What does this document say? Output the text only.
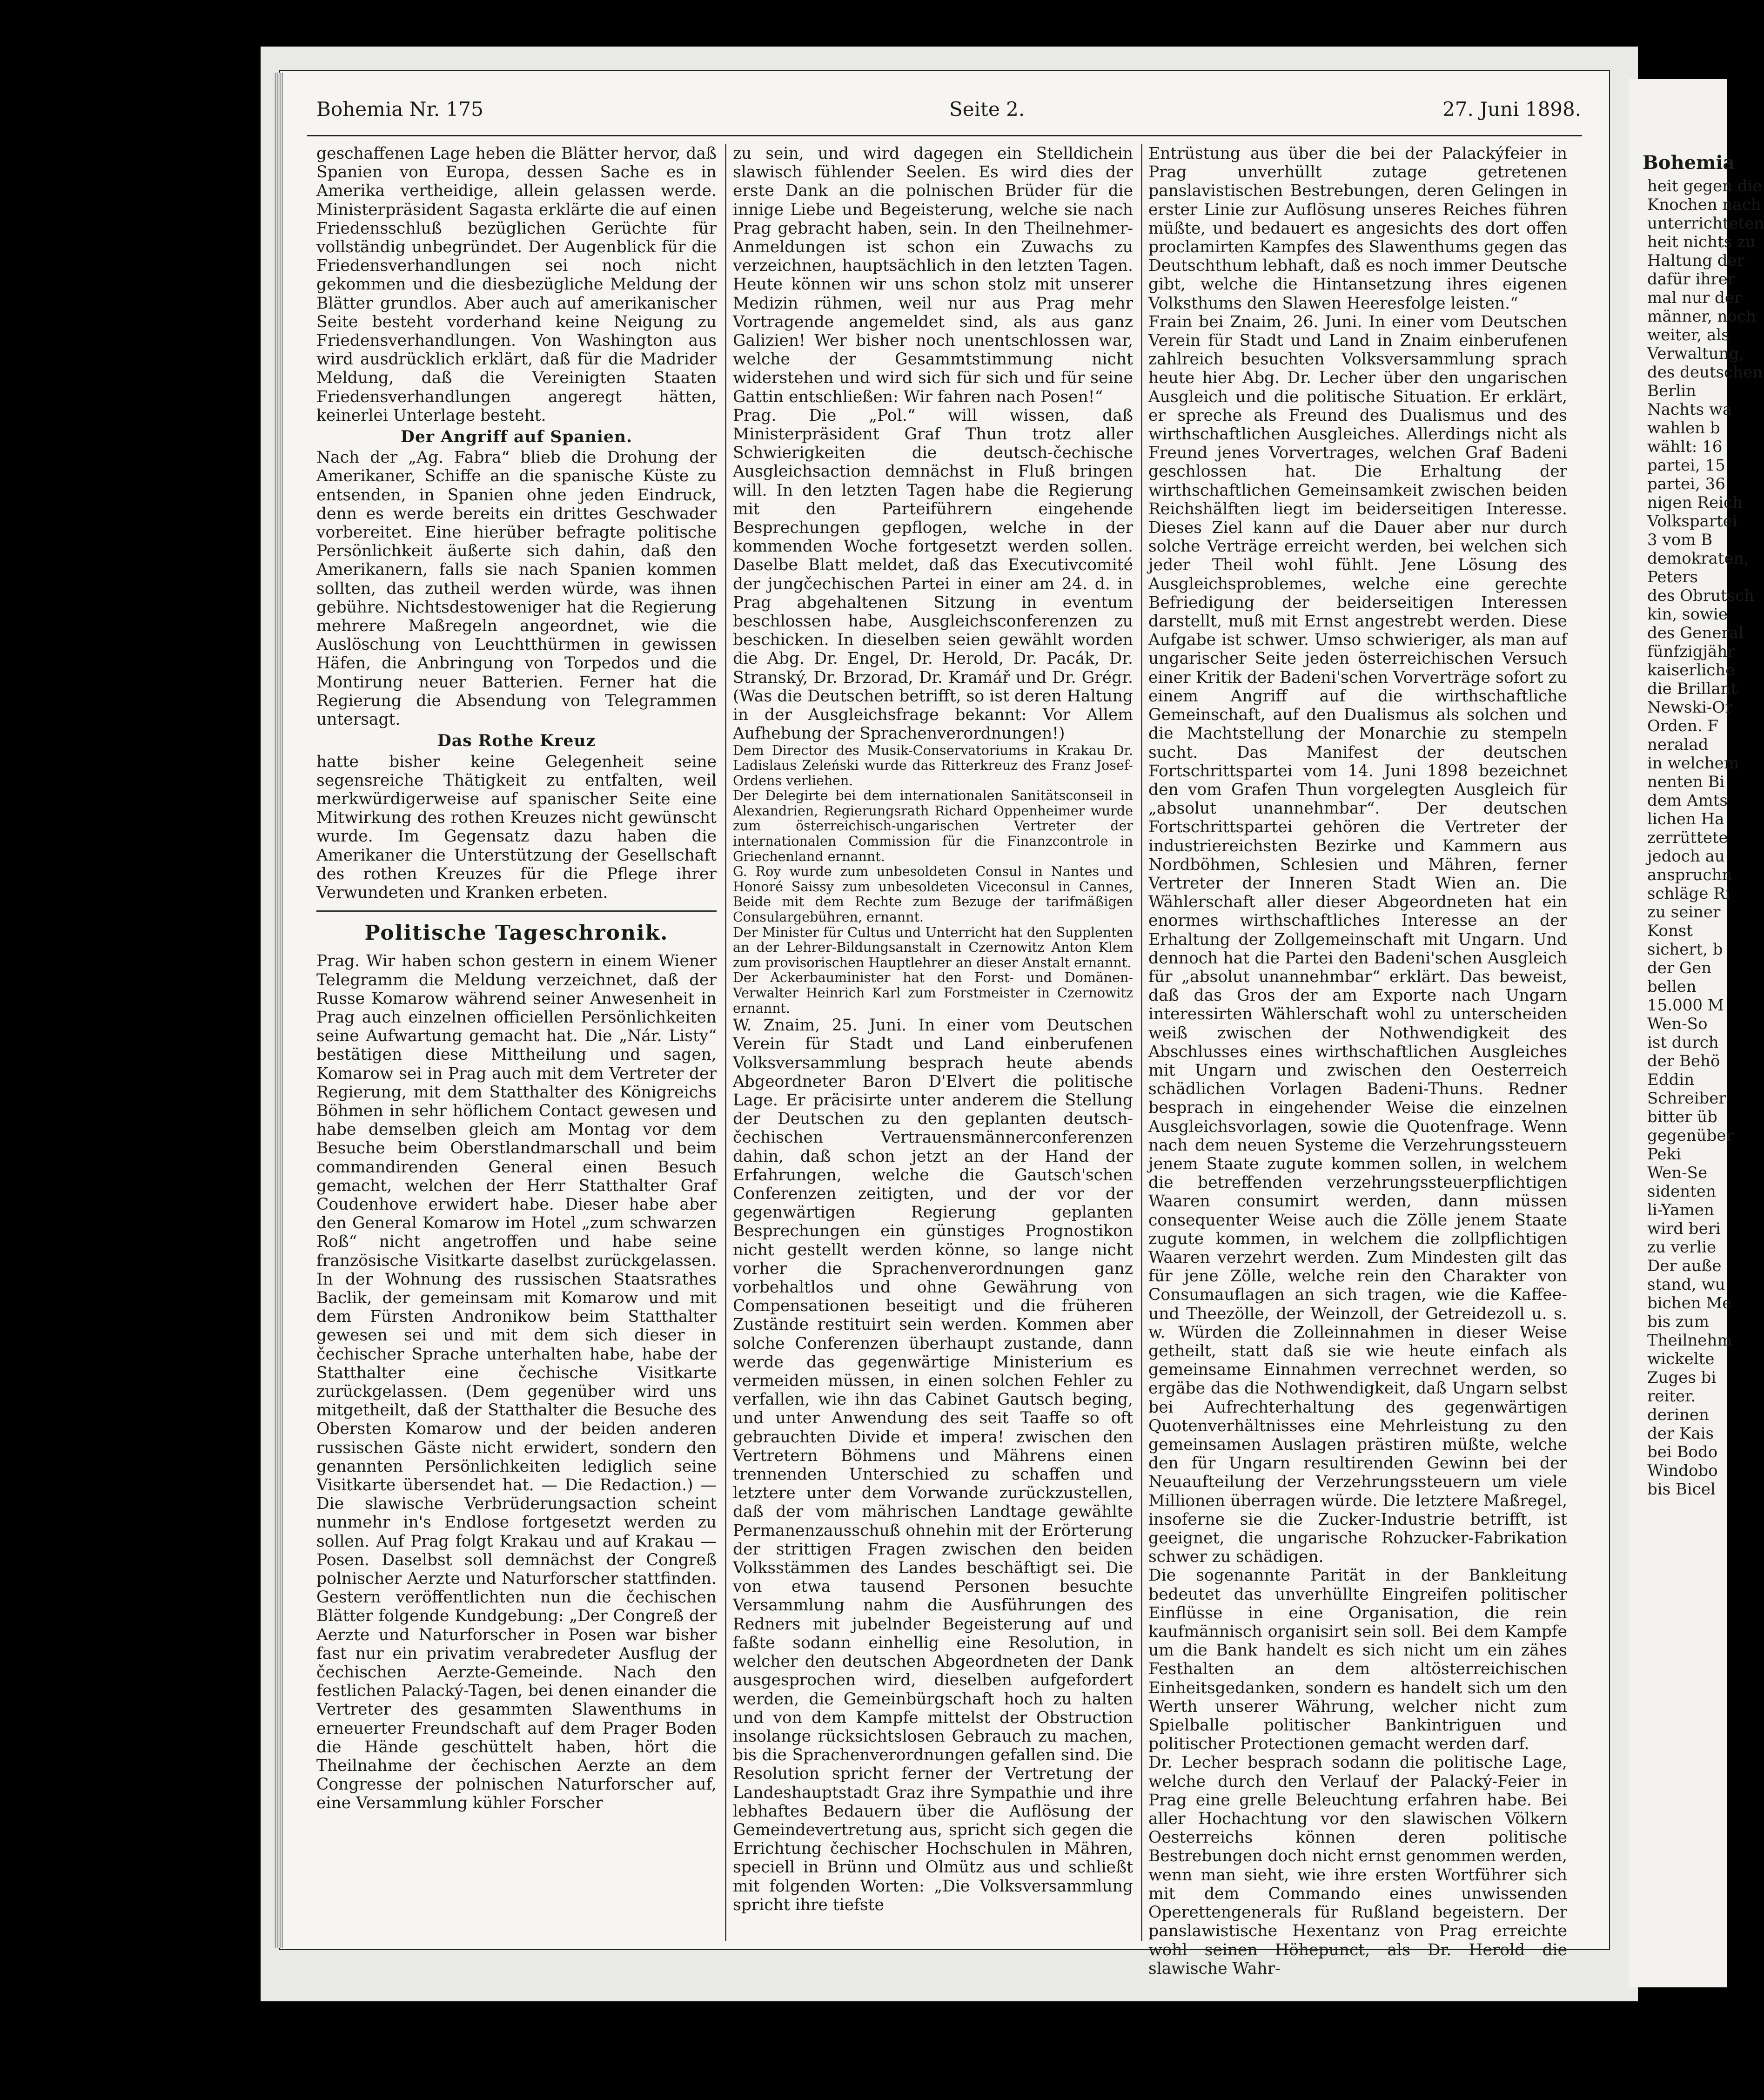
Bohemia Nr. 175	Seite 2.	27. Juni 1898.

geschaffenen Lage heben die Blätter hervor, daß Spanien von Europa, dessen Sache es in Amerika vertheidige, allein gelassen werde. Ministerpräsident Sagasta erklärte die auf einen Friedensschluß bezüglichen Gerüchte für vollständig unbegründet. Der Augenblick für die Friedensverhandlungen sei noch nicht gekommen und die diesbezügliche Meldung der Blätter grundlos. Aber auch auf amerikanischer Seite besteht vorderhand keine Neigung zu Friedensverhandlungen. Von Washington aus wird ausdrücklich erklärt, daß für die Madrider Meldung, daß die Vereinigten Staaten Friedensverhandlungen angeregt hätten, keinerlei Unterlage besteht.

Der Angriff auf Spanien.

Nach der „Ag. Fabra“ blieb die Drohung der Amerikaner, Schiffe an die spanische Küste zu entsenden, in Spanien ohne jeden Eindruck, denn es werde bereits ein drittes Geschwader vorbereitet. Eine hierüber befragte politische Persönlichkeit äußerte sich dahin, daß den Amerikanern, falls sie nach Spanien kommen sollten, das zutheil werden würde, was ihnen gebühre. Nichtsdestoweniger hat die Regierung mehrere Maßregeln angeordnet, wie die Auslöschung von Leuchtthürmen in gewissen Häfen, die Anbringung von Torpedos und die Montirung neuer Batterien. Ferner hat die Regierung die Absendung von Telegrammen untersagt.

Das Rothe Kreuz

hatte bisher keine Gelegenheit seine segensreiche Thätigkeit zu entfalten, weil merkwürdigerweise auf spanischer Seite eine Mitwirkung des rothen Kreuzes nicht gewünscht wurde. Im Gegensatz dazu haben die Amerikaner die Unterstützung der Gesellschaft des rothen Kreuzes für die Pflege ihrer Verwundeten und Kranken erbeten.

Politische Tageschronik.

Prag. Wir haben schon gestern in einem Wiener Telegramm die Meldung verzeichnet, daß der Russe Komarow während seiner Anwesenheit in Prag auch einzelnen officiellen Persönlichkeiten seine Aufwartung gemacht hat. Die „Nár. Listy“ bestätigen diese Mittheilung und sagen, Komarow sei in Prag auch mit dem Vertreter der Regierung, mit dem Statthalter des Königreichs Böhmen in sehr höflichem Contact gewesen und habe demselben gleich am Montag vor dem Besuche beim Oberstlandmarschall und beim commandirenden General einen Besuch gemacht, welchen der Herr Statthalter Graf Coudenhove erwidert habe. Dieser habe aber den General Komarow im Hotel „zum schwarzen Roß“ nicht angetroffen und habe seine französische Visitkarte daselbst zurückgelassen. In der Wohnung des russischen Staatsrathes Baclik, der gemeinsam mit Komarow und mit dem Fürsten Andronikow beim Statthalter gewesen sei und mit dem sich dieser in čechischer Sprache unterhalten habe, habe der Statthalter eine čechische Visitkarte zurückgelassen. (Dem gegenüber wird uns mitgetheilt, daß der Statthalter die Besuche des Obersten Komarow und der beiden anderen russischen Gäste nicht erwidert, sondern den genannten Persönlichkeiten lediglich seine Visitkarte übersendet hat. — Die Redaction.) — Die slawische Verbrüderungsaction scheint nunmehr in's Endlose fortgesetzt werden zu sollen. Auf Prag folgt Krakau und auf Krakau — Posen. Daselbst soll demnächst der Congreß polnischer Aerzte und Naturforscher stattfinden. Gestern veröffentlichten nun die čechischen Blätter folgende Kundgebung: „Der Congreß der Aerzte und Naturforscher in Posen war bisher fast nur ein privatim verabredeter Ausflug der čechischen Aerzte-Gemeinde. Nach den festlichen Palacký-Tagen, bei denen einander die Vertreter des gesammten Slawenthums in erneuerter Freundschaft auf dem Prager Boden die Hände geschüttelt haben, hört die Theilnahme der čechischen Aerzte an dem Congresse der polnischen Naturforscher auf, eine Versammlung kühler Forscher

zu sein, und wird dagegen ein Stelldichein slawisch fühlender Seelen. Es wird dies der erste Dank an die polnischen Brüder für die innige Liebe und Begeisterung, welche sie nach Prag gebracht haben, sein. In den Theilnehmer-Anmeldungen ist schon ein Zuwachs zu verzeichnen, hauptsächlich in den letzten Tagen. Heute können wir uns schon stolz mit unserer Medizin rühmen, weil nur aus Prag mehr Vortragende angemeldet sind, als aus ganz Galizien! Wer bisher noch unentschlossen war, welche der Gesammtstimmung nicht widerstehen und wird sich für sich und für seine Gattin entschließen: Wir fahren nach Posen!“

Prag. Die „Pol.“ will wissen, daß Ministerpräsident Graf Thun trotz aller Schwierigkeiten die deutsch-čechische Ausgleichsaction demnächst in Fluß bringen will. In den letzten Tagen habe die Regierung mit den Parteiführern eingehende Besprechungen gepflogen, welche in der kommenden Woche fortgesetzt werden sollen. Daselbe Blatt meldet, daß das Executivcomité der jungčechischen Partei in einer am 24. d. in Prag abgehaltenen Sitzung in eventum beschlossen habe, Ausgleichsconferenzen zu beschicken. In dieselben seien gewählt worden die Abg. Dr. Engel, Dr. Herold, Dr. Pacák, Dr. Stranský, Dr. Brzorad, Dr. Kramář und Dr. Grégr. (Was die Deutschen betrifft, so ist deren Haltung in der Ausgleichsfrage bekannt: Vor Allem Aufhebung der Sprachenverordnungen!)

Dem Director des Musik-Conservatoriums in Krakau Dr. Ladislaus Zeleński wurde das Ritterkreuz des Franz Josef-Ordens verliehen.

Der Delegirte bei dem internationalen Sanitätsconseil in Alexandrien, Regierungsrath Richard Oppenheimer wurde zum österreichisch-ungarischen Vertreter der internationalen Commission für die Finanzcontrole in Griechenland ernannt.

G. Roy wurde zum unbesoldeten Consul in Nantes und Honoré Saissy zum unbesoldeten Viceconsul in Cannes, Beide mit dem Rechte zum Bezuge der tarifmäßigen Consulargebühren, ernannt.

Der Minister für Cultus und Unterricht hat den Supplenten an der Lehrer-Bildungsanstalt in Czernowitz Anton Klem zum provisorischen Hauptlehrer an dieser Anstalt ernannt.

Der Ackerbauminister hat den Forst- und Domänen-Verwalter Heinrich Karl zum Forstmeister in Czernowitz ernannt.

W. Znaim, 25. Juni. In einer vom Deutschen Verein für Stadt und Land einberufenen Volksversammlung besprach heute abends Abgeordneter Baron D'Elvert die politische Lage. Er präcisirte unter anderem die Stellung der Deutschen zu den geplanten deutsch-čechischen Vertrauensmännerconferenzen dahin, daß schon jetzt an der Hand der Erfahrungen, welche die Gautsch'schen Conferenzen zeitigten, und der vor der gegenwärtigen Regierung geplanten Besprechungen ein günstiges Prognostikon nicht gestellt werden könne, so lange nicht vorher die Sprachenverordnungen ganz vorbehaltlos und ohne Gewährung von Compensationen beseitigt und die früheren Zustände restituirt sein werden. Kommen aber solche Conferenzen überhaupt zustande, dann werde das gegenwärtige Ministerium es vermeiden müssen, in einen solchen Fehler zu verfallen, wie ihn das Cabinet Gautsch beging, und unter Anwendung des seit Taaffe so oft gebrauchten Divide et impera! zwischen den Vertretern Böhmens und Mährens einen trennenden Unterschied zu schaffen und letztere unter dem Vorwande zurückzustellen, daß der vom mährischen Landtage gewählte Permanenzausschuß ohnehin mit der Erörterung der strittigen Fragen zwischen den beiden Volksstämmen des Landes beschäftigt sei. Die von etwa tausend Personen besuchte Versammlung nahm die Ausführungen des Redners mit jubelnder Begeisterung auf und faßte sodann einhellig eine Resolution, in welcher den deutschen Abgeordneten der Dank ausgesprochen wird, dieselben aufgefordert werden, die Gemeinbürgschaft hoch zu halten und von dem Kampfe mittelst der Obstruction insolange rücksichtslosen Gebrauch zu machen, bis die Sprachenverordnungen gefallen sind. Die Resolution spricht ferner der Vertretung der Landeshauptstadt Graz ihre Sympathie und ihre lebhaftes Bedauern über die Auflösung der Gemeindevertretung aus, spricht sich gegen die Errichtung čechischer Hochschulen in Mähren, speciell in Brünn und Olmütz aus und schließt mit folgenden Worten: „Die Volksversammlung spricht ihre tiefste

Entrüstung aus über die bei der Palackýfeier in Prag unverhüllt zutage getretenen panslavistischen Bestrebungen, deren Gelingen in erster Linie zur Auflösung unseres Reiches führen müßte, und bedauert es angesichts des dort offen proclamirten Kampfes des Slawenthums gegen das Deutschthum lebhaft, daß es noch immer Deutsche gibt, welche die Hintansetzung ihres eigenen Volksthums den Slawen Heeresfolge leisten.“

Frain bei Znaim, 26. Juni. In einer vom Deutschen Verein für Stadt und Land in Znaim einberufenen zahlreich besuchten Volksversammlung sprach heute hier Abg. Dr. Lecher über den ungarischen Ausgleich und die politische Situation. Er erklärt, er spreche als Freund des Dualismus und des wirthschaftlichen Ausgleiches. Allerdings nicht als Freund jenes Vorvertrages, welchen Graf Badeni geschlossen hat. Die Erhaltung der wirthschaftlichen Gemeinsamkeit zwischen beiden Reichshälften liegt im beiderseitigen Interesse. Dieses Ziel kann auf die Dauer aber nur durch solche Verträge erreicht werden, bei welchen sich jeder Theil wohl fühlt. Jene Lösung des Ausgleichsproblemes, welche eine gerechte Befriedigung der beiderseitigen Interessen darstellt, muß mit Ernst angestrebt werden. Diese Aufgabe ist schwer. Umso schwieriger, als man auf ungarischer Seite jeden österreichischen Versuch einer Kritik der Badeni'schen Vorverträge sofort zu einem Angriff auf die wirthschaftliche Gemeinschaft, auf den Dualismus als solchen und die Machtstellung der Monarchie zu stempeln sucht. Das Manifest der deutschen Fortschrittspartei vom 14. Juni 1898 bezeichnet den vom Grafen Thun vorgelegten Ausgleich für „absolut unannehmbar“. Der deutschen Fortschrittspartei gehören die Vertreter der industriereichsten Bezirke und Kammern aus Nordböhmen, Schlesien und Mähren, ferner Vertreter der Inneren Stadt Wien an. Die Wählerschaft aller dieser Abgeordneten hat ein enormes wirthschaftliches Interesse an der Erhaltung der Zollgemeinschaft mit Ungarn. Und dennoch hat die Partei den Badeni'schen Ausgleich für „absolut unannehmbar“ erklärt. Das beweist, daß das Gros der am Exporte nach Ungarn interessirten Wählerschaft wohl zu unterscheiden weiß zwischen der Nothwendigkeit des Abschlusses eines wirthschaftlichen Ausgleiches mit Ungarn und zwischen den Oesterreich schädlichen Vorlagen Badeni-Thuns. Redner besprach in eingehender Weise die einzelnen Ausgleichsvorlagen, sowie die Quotenfrage. Wenn nach dem neuen Systeme die Verzehrungssteuern jenem Staate zugute kommen sollen, in welchem die betreffenden verzehrungssteuerpflichtigen Waaren consumirt werden, dann müssen consequenter Weise auch die Zölle jenem Staate zugute kommen, in welchem die zollpflichtigen Waaren verzehrt werden. Zum Mindesten gilt das für jene Zölle, welche rein den Charakter von Consumauflagen an sich tragen, wie die Kaffee- und Theezölle, der Weinzoll, der Getreidezoll u. s. w. Würden die Zolleinnahmen in dieser Weise getheilt, statt daß sie wie heute einfach als gemeinsame Einnahmen verrechnet werden, so ergäbe das die Nothwendigkeit, daß Ungarn selbst bei Aufrechterhaltung des gegenwärtigen Quotenverhältnisses eine Mehrleistung zu den gemeinsamen Auslagen prästiren müßte, welche den für Ungarn resultirenden Gewinn bei der Neuaufteilung der Verzehrungssteuern um viele Millionen überragen würde. Die letztere Maßregel, insoferne sie die Zucker-Industrie betrifft, ist geeignet, die ungarische Rohzucker-Fabrikation schwer zu schädigen.

Die sogenannte Parität in der Bankleitung bedeutet das unverhüllte Eingreifen politischer Einflüsse in eine Organisation, die rein kaufmännisch organisirt sein soll. Bei dem Kampfe um die Bank handelt es sich nicht um ein zähes Festhalten an dem altösterreichischen Einheitsgedanken, sondern es handelt sich um den Werth unserer Währung, welcher nicht zum Spielballe politischer Bankintriguen und politischer Protectionen gemacht werden darf.

Dr. Lecher besprach sodann die politische Lage, welche durch den Verlauf der Palacký-Feier in Prag eine grelle Beleuchtung erfahren habe. Bei aller Hochachtung vor den slawischen Völkern Oesterreichs können deren politische Bestrebungen doch nicht ernst genommen werden, wenn man sieht, wie ihre ersten Wortführer sich mit dem Commando eines unwissenden Operettengenerals für Rußland begeistern. Der panslawistische Hexentanz von Prag erreichte wohl seinen Höhepunct, als Dr. Herold die slawische Wahr-

Bohemia
heit gegen die
Knochen nach
unterrichteten
heit nichts zu
Haltung der
dafür ihrer
mal nur der
männer, noch
weiter, als
Verwaltung,
des deutschen
Berlin
Nachts wa
wahlen b
wählt: 16
partei, 15
partei, 36
nigen Reich
Volkspartei
3 vom B
demokraten,
Peters
des Obrutsch
kin, sowie
des General
fünfzigjähr
kaiserliche
die Brillant
Newski-Or
Orden. F
neralad
in welchem
nenten Bi
dem Amts
lichen Ha
zerrüttete
jedoch au
anspruchn
schläge Ri
zu seiner
Konst
sichert, b
der Gen
bellen
15.000 M
Wen-So
ist durch
der Behö
Eddin
Schreiber
bitter üb
gegenüber
Peki
Wen-Se
sidenten
li-Yamen
wird beri
zu verlie
Der auße
stand, wu
bichen Me
bis zum
Theilnehm
wickelte
Zuges bi
reiter.
derinen
der Kais
bei Bodo
Windobo
bis Bicel
